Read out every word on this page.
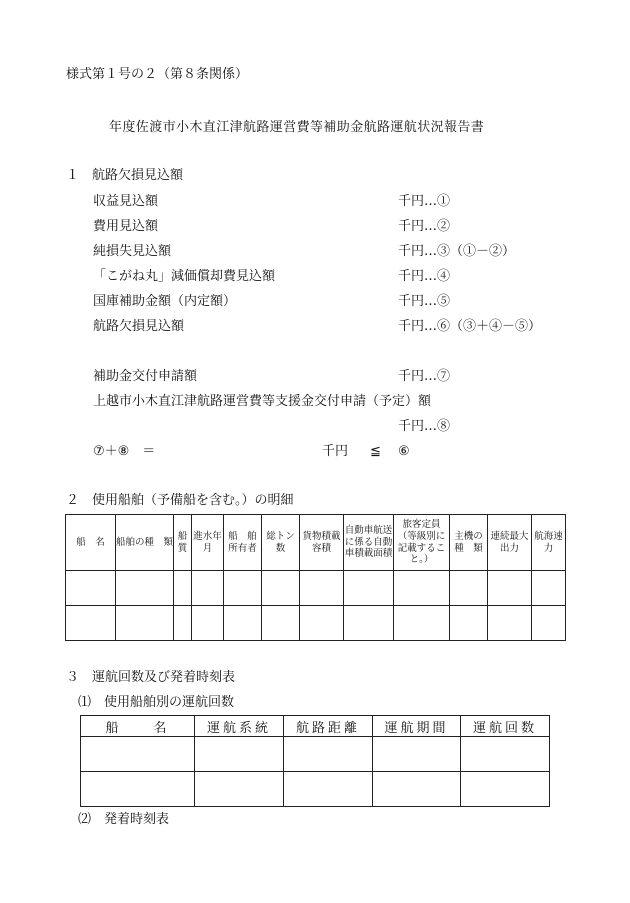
様式第１号の２（第８条関係）
年度佐渡市小木直江津航路運営費等補助金航路運航状況報告書
１　航路欠損見込額
収益見込額	千円…①
費用見込額	千円…②
純損失見込額	千円…③（①－②）
「こがね丸」減価償却費見込額	千円…④
国庫補助金額（内定額）	千円…⑤
航路欠損見込額	千円…⑥（③＋④－⑤）
補助金交付申請額	千円…⑦
上越市小木直江津航路運営費等支援金交付申請（予定）額
千円…⑧
⑦＋⑧　＝	千円 ≦ ⑥
２　使用船舶（予備船を含む。）の明細
船　名	船舶の種　類	船質	進水年月	船　舶所有者	総トン数	貨物積載容積	自動車航送に係る自動車積載面積	旅客定員（等級別に記載すること。）	主機の種　類	連続最大出力	航海速力

３　運航回数及び発着時刻表
⑴　使用船舶別の運航回数
船　　名	運航系統	航路距離	運航期間	運航回数

⑵　発着時刻表
